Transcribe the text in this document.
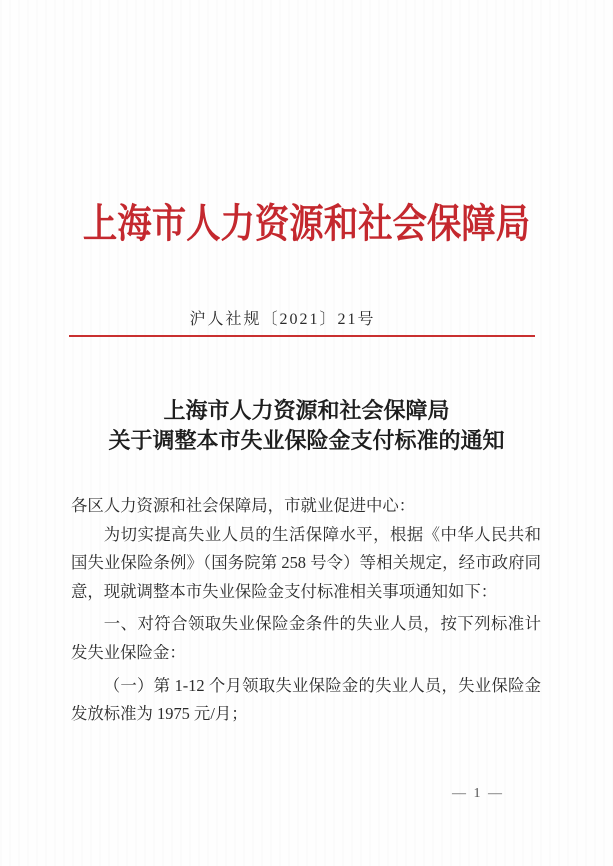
上海市人力资源和社会保障局
沪人社规〔2021〕21号
上海市人力资源和社会保障局
关于调整本市失业保险金支付标准的通知

各区人力资源和社会保障局，市就业促进中心：

为切实提高失业人员的生活保障水平，根据《中华人民共和国失业保险条例》（国务院第 258 号令）等相关规定，经市政府同意，现就调整本市失业保险金支付标准相关事项通知如下：

一、对符合领取失业保险金条件的失业人员，按下列标准计发失业保险金：

（一）第 1-12 个月领取失业保险金的失业人员，失业保险金发放标准为 1975 元/月；

— 1 —
